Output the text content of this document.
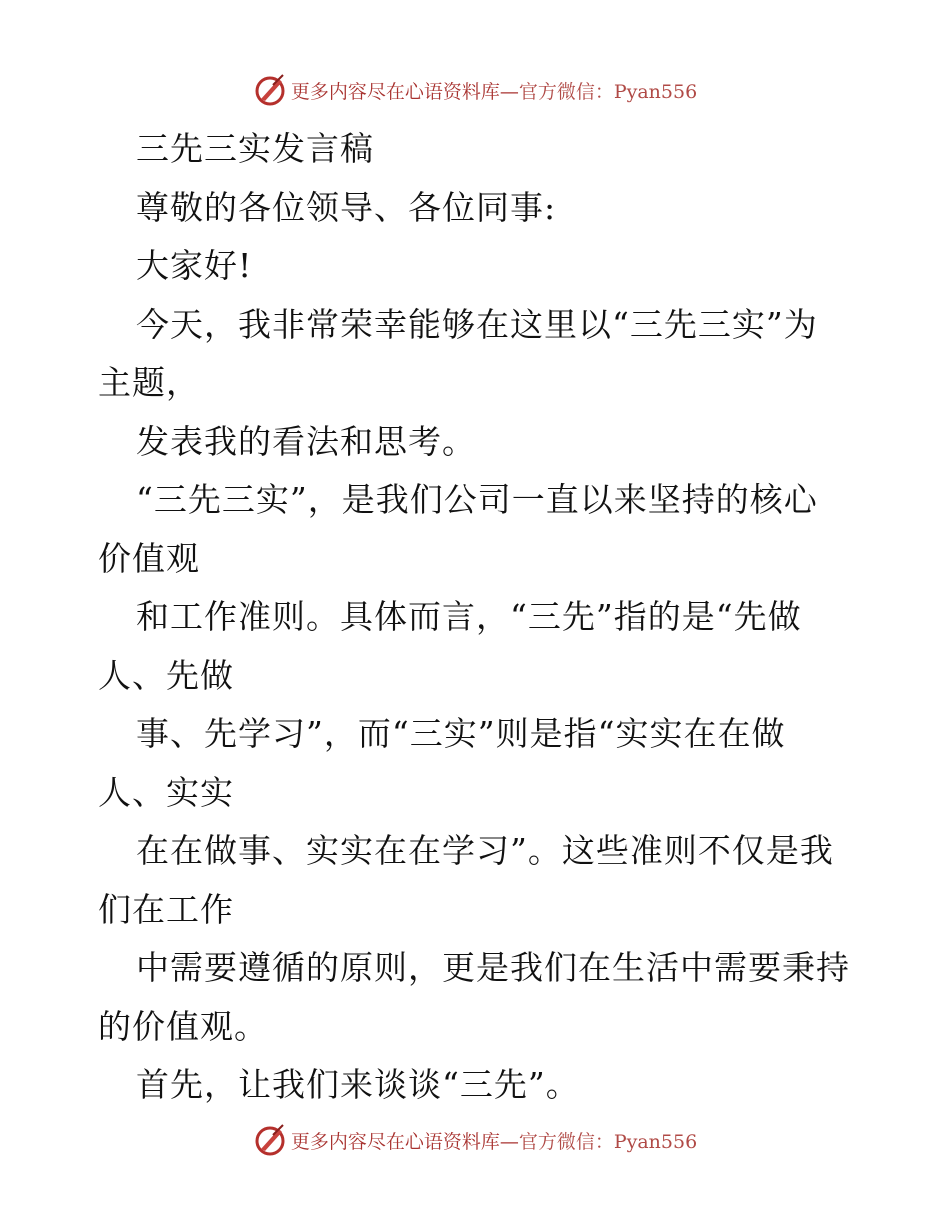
更多内容尽在心语资料库—官方微信：Pyan556
三先三实发言稿
尊敬的各位领导、各位同事:
大家好!
今天，我非常荣幸能够在这里以“三先三实”为
主题，
发表我的看法和思考。
“三先三实”，是我们公司一直以来坚持的核心
价值观
和工作准则。具体而言，“三先”指的是“先做
人、先做
事、先学习”，而“三实”则是指“实实在在做
人、实实
在在做事、实实在在学习”。这些准则不仅是我
们在工作
中需要遵循的原则，更是我们在生活中需要秉持
的价值观。
首先，让我们来谈谈“三先”。
更多内容尽在心语资料库—官方微信：Pyan556
